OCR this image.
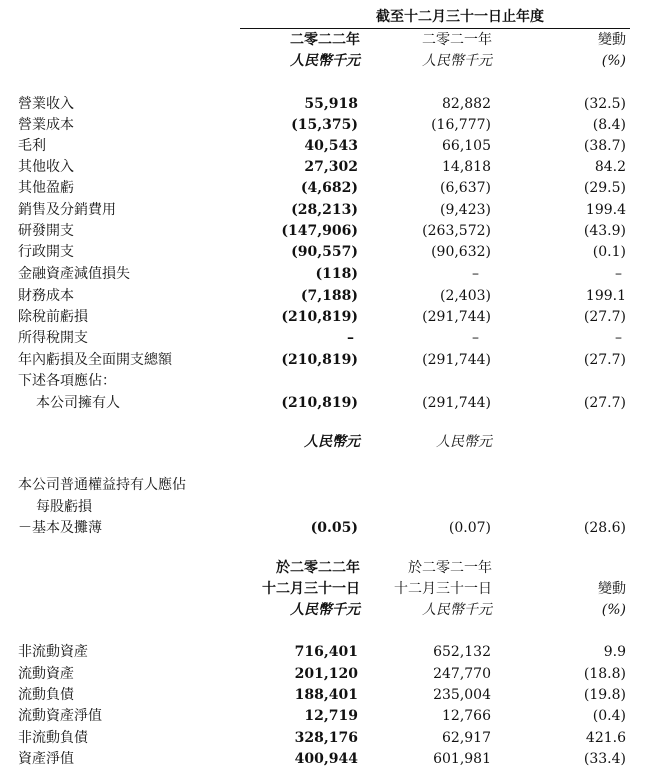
截至十二月三十一日止年度
二零二二年	二零二一年	變動
人民幣千元	人民幣千元	(%)
營業收入	55,918	82,882	(32.5)
營業成本	(15,375)	(16,777)	(8.4)
毛利	40,543	66,105	(38.7)
其他收入	27,302	14,818	84.2
其他盈虧	(4,682)	(6,637)	(29.5)
銷售及分銷費用	(28,213)	(9,423)	199.4
研發開支	(147,906)	(263,572)	(43.9)
行政開支	(90,557)	(90,632)	(0.1)
金融資產減值損失	(118)	–	–
財務成本	(7,188)	(2,403)	199.1
除稅前虧損	(210,819)	(291,744)	(27.7)
所得稅開支	–	–	–
年內虧損及全面開支總額	(210,819)	(291,744)	(27.7)
下述各項應佔：
本公司擁有人	(210,819)	(291,744)	(27.7)
人民幣元	人民幣元
本公司普通權益持有人應佔
每股虧損
－基本及攤薄	(0.05)	(0.07)	(28.6)
於二零二二年	於二零二一年
十二月三十一日	十二月三十一日	變動
人民幣千元	人民幣千元	(%)
非流動資產	716,401	652,132	9.9
流動資產	201,120	247,770	(18.8)
流動負債	188,401	235,004	(19.8)
流動資產淨值	12,719	12,766	(0.4)
非流動負債	328,176	62,917	421.6
資產淨值	400,944	601,981	(33.4)
